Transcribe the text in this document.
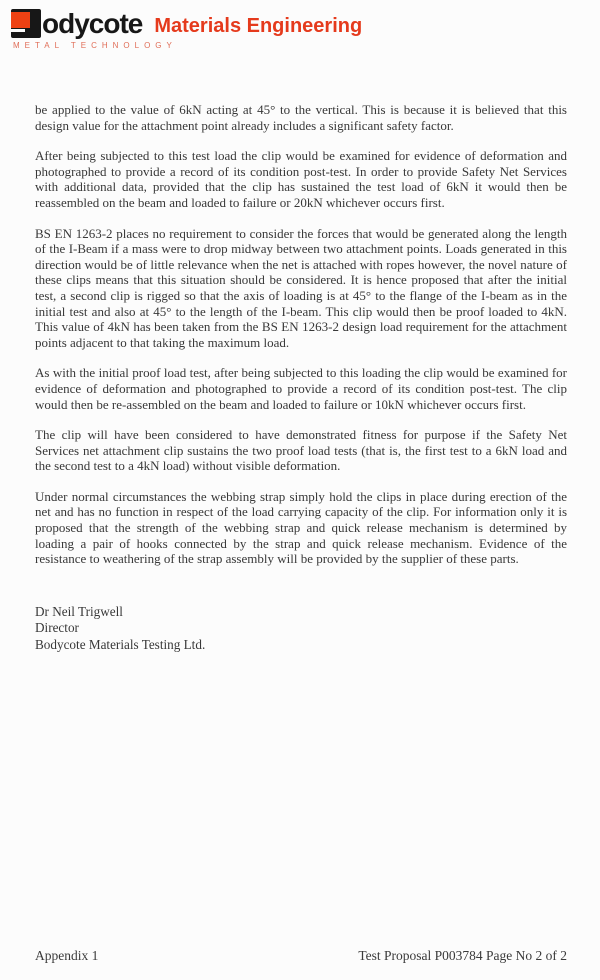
odycote Materials Engineering
METAL TECHNOLOGY

be applied to the value of 6kN acting at 45° to the vertical. This is because it is believed that this design value for the attachment point already includes a significant safety factor.

After being subjected to this test load the clip would be examined for evidence of deformation and photographed to provide a record of its condition post-test. In order to provide Safety Net Services with additional data, provided that the clip has sustained the test load of 6kN it would then be reassembled on the beam and loaded to failure or 20kN whichever occurs first.

BS EN 1263-2 places no requirement to consider the forces that would be generated along the length of the I-Beam if a mass were to drop midway between two attachment points. Loads generated in this direction would be of little relevance when the net is attached with ropes however, the novel nature of these clips means that this situation should be considered. It is hence proposed that after the initial test, a second clip is rigged so that the axis of loading is at 45° to the flange of the I-beam as in the initial test and also at 45° to the length of the I-beam. This clip would then be proof loaded to 4kN. This value of 4kN has been taken from the BS EN 1263-2 design load requirement for the attachment points adjacent to that taking the maximum load.

As with the initial proof load test, after being subjected to this loading the clip would be examined for evidence of deformation and photographed to provide a record of its condition post-test. The clip would then be re-assembled on the beam and loaded to failure or 10kN whichever occurs first.

The clip will have been considered to have demonstrated fitness for purpose if the Safety Net Services net attachment clip sustains the two proof load tests (that is, the first test to a 6kN load and the second test to a 4kN load) without visible deformation.

Under normal circumstances the webbing strap simply hold the clips in place during erection of the net and has no function in respect of the load carrying capacity of the clip. For information only it is proposed that the strength of the webbing strap and quick release mechanism is determined by loading a pair of hooks connected by the strap and quick release mechanism. Evidence of the resistance to weathering of the strap assembly will be provided by the supplier of these parts.

Dr Neil Trigwell
Director
Bodycote Materials Testing Ltd.
Appendix 1	Test Proposal P003784 Page No 2 of 2
